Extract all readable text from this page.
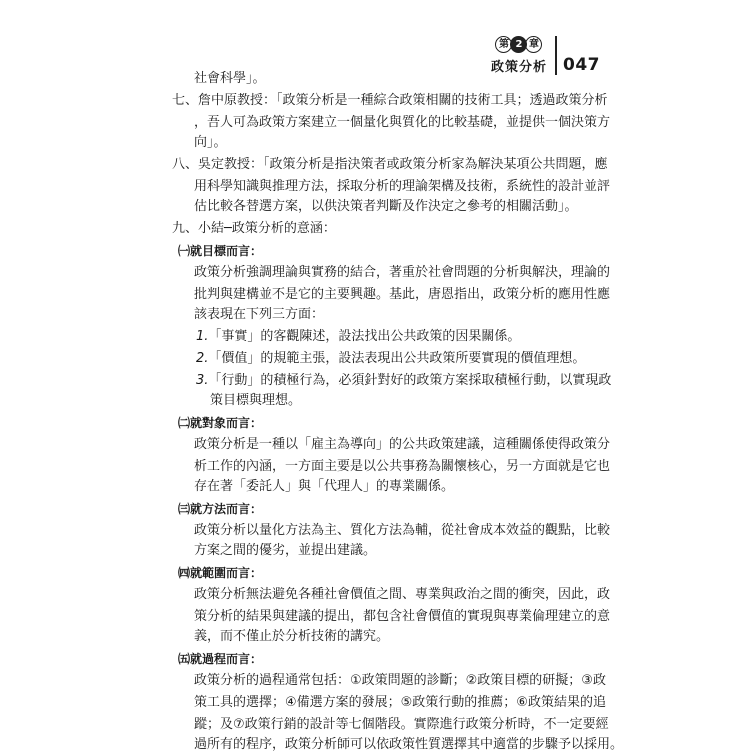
第 2 章
政策分析 047
社會科學」。
七、詹中原教授：「政策分析是一種綜合政策相關的技術工具；透過政策分析
，吾人可為政策方案建立一個量化與質化的比較基礎，並提供一個決策方
向」。
八、吳定教授：「政策分析是指決策者或政策分析家為解決某項公共問題，應
用科學知識與推理方法，採取分析的理論架構及技術，系統性的設計並評
估比較各替選方案，以供決策者判斷及作決定之參考的相關活動」。
九、小結─政策分析的意涵：
㈠就目標而言：
政策分析強調理論與實務的結合，著重於社會問題的分析與解決，理論的
批判與建構並不是它的主要興趣。基此，唐恩指出，政策分析的應用性應
該表現在下列三方面：
1.「事實」的客觀陳述，設法找出公共政策的因果關係。
2.「價值」的規範主張，設法表現出公共政策所要實現的價值理想。
3.「行動」的積極行為，必須針對好的政策方案採取積極行動，以實現政
策目標與理想。
㈡就對象而言：
政策分析是一種以「雇主為導向」的公共政策建議，這種關係使得政策分
析工作的內涵，一方面主要是以公共事務為關懷核心，另一方面就是它也
存在著「委託人」與「代理人」的專業關係。
㈢就方法而言：
政策分析以量化方法為主、質化方法為輔，從社會成本效益的觀點，比較
方案之間的優劣，並提出建議。
㈣就範圍而言：
政策分析無法避免各種社會價值之間、專業與政治之間的衝突，因此，政
策分析的結果與建議的提出，都包含社會價值的實現與專業倫理建立的意
義，而不僅止於分析技術的講究。
㈤就過程而言：
政策分析的過程通常包括：①政策問題的診斷；②政策目標的研擬；③政
策工具的選擇；④備選方案的發展；⑤政策行動的推薦；⑥政策結果的追
蹤；及⑦政策行銷的設計等七個階段。實際進行政策分析時，不一定要經
過所有的程序，政策分析師可以依政策性質選擇其中適當的步驟予以採用。
